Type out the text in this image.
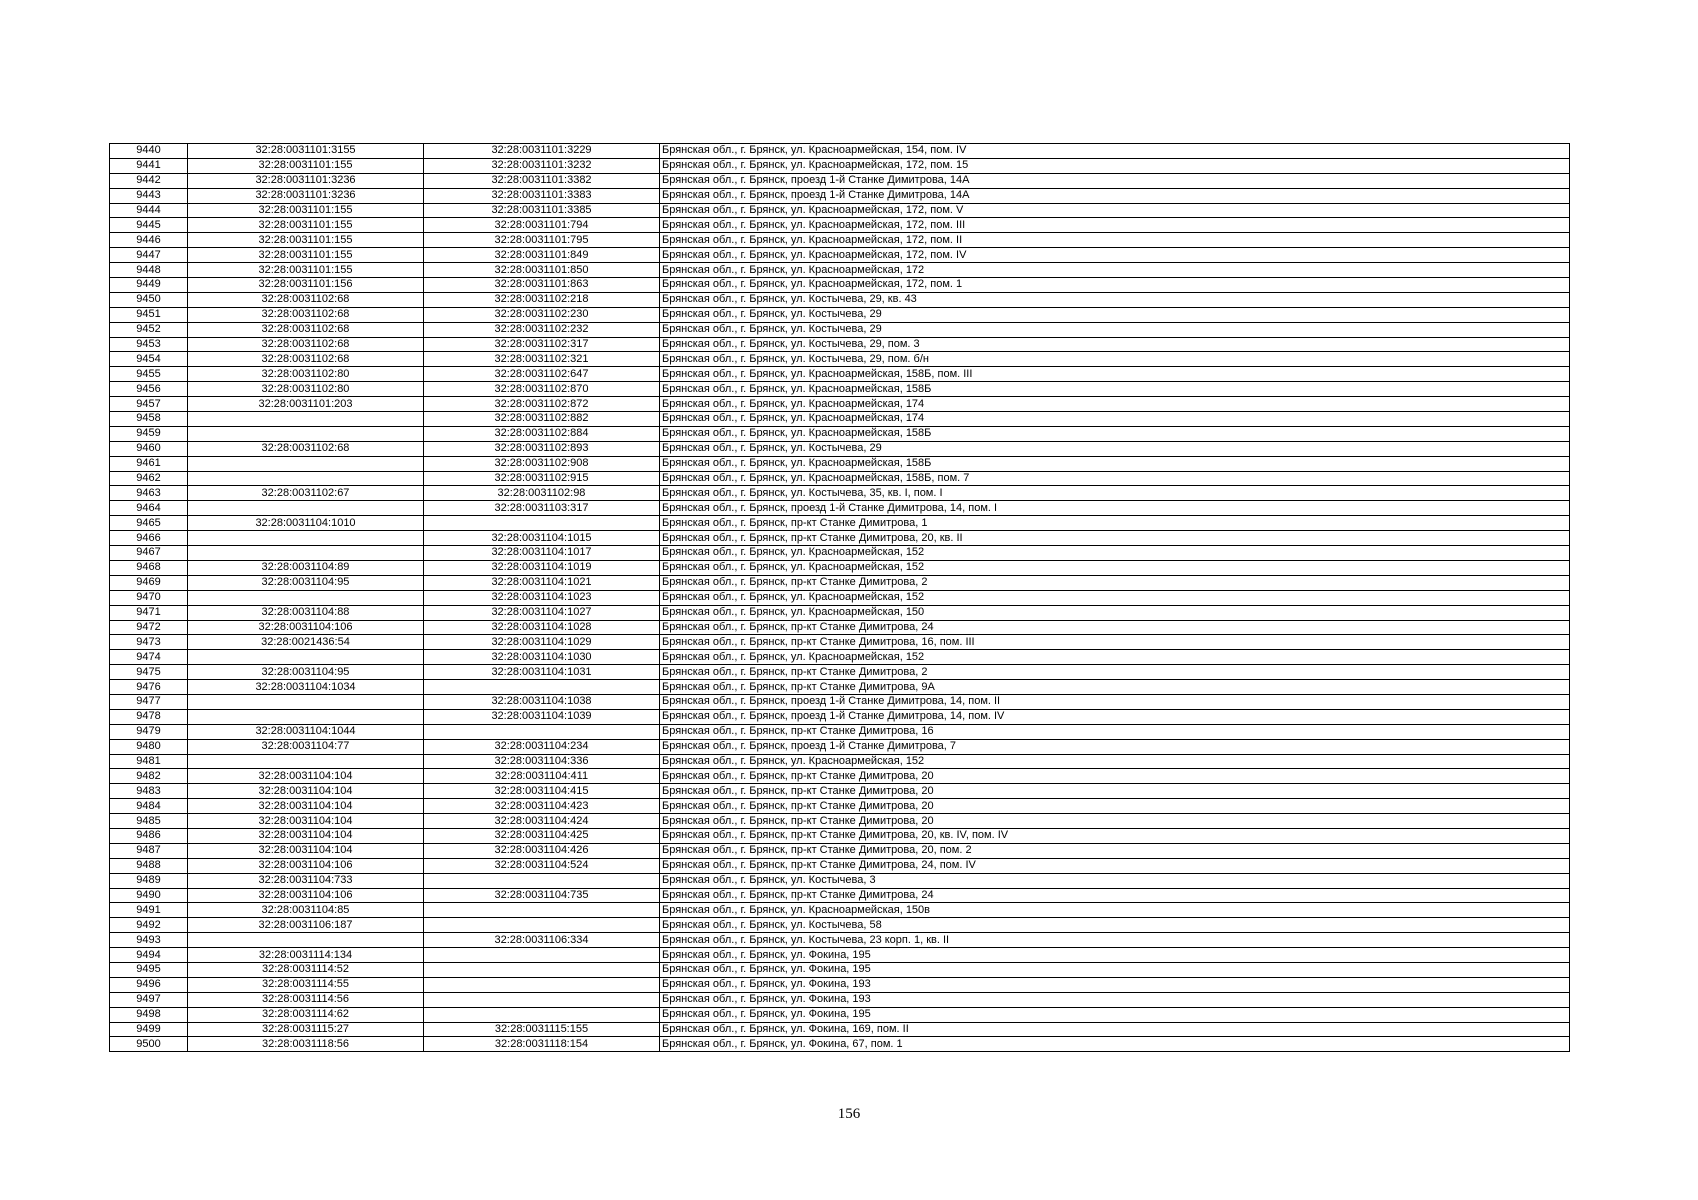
9440	32:28:0031101:3155	32:28:0031101:3229	Брянская обл., г. Брянск, ул. Красноармейская, 154, пом. IV
9441	32:28:0031101:155	32:28:0031101:3232	Брянская обл., г. Брянск, ул. Красноармейская, 172, пом. 15
9442	32:28:0031101:3236	32:28:0031101:3382	Брянская обл., г. Брянск, проезд 1-й Станке Димитрова, 14А
9443	32:28:0031101:3236	32:28:0031101:3383	Брянская обл., г. Брянск, проезд 1-й Станке Димитрова, 14А
9444	32:28:0031101:155	32:28:0031101:3385	Брянская обл., г. Брянск, ул. Красноармейская, 172, пом. V
9445	32:28:0031101:155	32:28:0031101:794	Брянская обл., г. Брянск, ул. Красноармейская, 172, пом. III
9446	32:28:0031101:155	32:28:0031101:795	Брянская обл., г. Брянск, ул. Красноармейская, 172, пом. II
9447	32:28:0031101:155	32:28:0031101:849	Брянская обл., г. Брянск, ул. Красноармейская, 172, пом. IV
9448	32:28:0031101:155	32:28:0031101:850	Брянская обл., г. Брянск, ул. Красноармейская, 172
9449	32:28:0031101:156	32:28:0031101:863	Брянская обл., г. Брянск, ул. Красноармейская, 172, пом. 1
9450	32:28:0031102:68	32:28:0031102:218	Брянская обл., г. Брянск, ул. Костычева, 29, кв. 43
9451	32:28:0031102:68	32:28:0031102:230	Брянская обл., г. Брянск, ул. Костычева, 29
9452	32:28:0031102:68	32:28:0031102:232	Брянская обл., г. Брянск, ул. Костычева, 29
9453	32:28:0031102:68	32:28:0031102:317	Брянская обл., г. Брянск, ул. Костычева, 29, пом. 3
9454	32:28:0031102:68	32:28:0031102:321	Брянская обл., г. Брянск, ул. Костычева, 29, пом. б/н
9455	32:28:0031102:80	32:28:0031102:647	Брянская обл., г. Брянск, ул. Красноармейская, 158Б, пом. III
9456	32:28:0031102:80	32:28:0031102:870	Брянская обл., г. Брянск, ул. Красноармейская, 158Б
9457	32:28:0031101:203	32:28:0031102:872	Брянская обл., г. Брянск, ул. Красноармейская, 174
9458		32:28:0031102:882	Брянская обл., г. Брянск, ул. Красноармейская, 174
9459		32:28:0031102:884	Брянская обл., г. Брянск, ул. Красноармейская, 158Б
9460	32:28:0031102:68	32:28:0031102:893	Брянская обл., г. Брянск, ул. Костычева, 29
9461		32:28:0031102:908	Брянская обл., г. Брянск, ул. Красноармейская, 158Б
9462		32:28:0031102:915	Брянская обл., г. Брянск, ул. Красноармейская, 158Б, пом. 7
9463	32:28:0031102:67	32:28:0031102:98	Брянская обл., г. Брянск, ул. Костычева, 35, кв. I, пом. I
9464		32:28:0031103:317	Брянская обл., г. Брянск, проезд 1-й Станке Димитрова, 14, пом. I
9465	32:28:0031104:1010		Брянская обл., г. Брянск, пр-кт Станке Димитрова, 1
9466		32:28:0031104:1015	Брянская обл., г. Брянск, пр-кт Станке Димитрова, 20, кв. II
9467		32:28:0031104:1017	Брянская обл., г. Брянск, ул. Красноармейская, 152
9468	32:28:0031104:89	32:28:0031104:1019	Брянская обл., г. Брянск, ул. Красноармейская, 152
9469	32:28:0031104:95	32:28:0031104:1021	Брянская обл., г. Брянск, пр-кт Станке Димитрова, 2
9470		32:28:0031104:1023	Брянская обл., г. Брянск, ул. Красноармейская, 152
9471	32:28:0031104:88	32:28:0031104:1027	Брянская обл., г. Брянск, ул. Красноармейская, 150
9472	32:28:0031104:106	32:28:0031104:1028	Брянская обл., г. Брянск, пр-кт Станке Димитрова, 24
9473	32:28:0021436:54	32:28:0031104:1029	Брянская обл., г. Брянск, пр-кт Станке Димитрова, 16, пом. III
9474		32:28:0031104:1030	Брянская обл., г. Брянск, ул. Красноармейская, 152
9475	32:28:0031104:95	32:28:0031104:1031	Брянская обл., г. Брянск, пр-кт Станке Димитрова, 2
9476	32:28:0031104:1034		Брянская обл., г. Брянск, пр-кт Станке Димитрова, 9А
9477		32:28:0031104:1038	Брянская обл., г. Брянск, проезд 1-й Станке Димитрова, 14, пом. II
9478		32:28:0031104:1039	Брянская обл., г. Брянск, проезд 1-й Станке Димитрова, 14, пом. IV
9479	32:28:0031104:1044		Брянская обл., г. Брянск, пр-кт Станке Димитрова, 16
9480	32:28:0031104:77	32:28:0031104:234	Брянская обл., г. Брянск, проезд 1-й Станке Димитрова, 7
9481		32:28:0031104:336	Брянская обл., г. Брянск, ул. Красноармейская, 152
9482	32:28:0031104:104	32:28:0031104:411	Брянская обл., г. Брянск, пр-кт Станке Димитрова, 20
9483	32:28:0031104:104	32:28:0031104:415	Брянская обл., г. Брянск, пр-кт Станке Димитрова, 20
9484	32:28:0031104:104	32:28:0031104:423	Брянская обл., г. Брянск, пр-кт Станке Димитрова, 20
9485	32:28:0031104:104	32:28:0031104:424	Брянская обл., г. Брянск, пр-кт Станке Димитрова, 20
9486	32:28:0031104:104	32:28:0031104:425	Брянская обл., г. Брянск, пр-кт Станке Димитрова, 20, кв. IV, пом. IV
9487	32:28:0031104:104	32:28:0031104:426	Брянская обл., г. Брянск, пр-кт Станке Димитрова, 20, пом. 2
9488	32:28:0031104:106	32:28:0031104:524	Брянская обл., г. Брянск, пр-кт Станке Димитрова, 24, пом. IV
9489	32:28:0031104:733		Брянская обл., г. Брянск, ул. Костычева, 3
9490	32:28:0031104:106	32:28:0031104:735	Брянская обл., г. Брянск, пр-кт Станке Димитрова, 24
9491	32:28:0031104:85		Брянская обл., г. Брянск, ул. Красноармейская, 150в
9492	32:28:0031106:187		Брянская обл., г. Брянск, ул. Костычева, 58
9493		32:28:0031106:334	Брянская обл., г. Брянск, ул. Костычева, 23 корп. 1, кв. II
9494	32:28:0031114:134		Брянская обл., г. Брянск, ул. Фокина, 195
9495	32:28:0031114:52		Брянская обл., г. Брянск, ул. Фокина, 195
9496	32:28:0031114:55		Брянская обл., г. Брянск, ул. Фокина, 193
9497	32:28:0031114:56		Брянская обл., г. Брянск, ул. Фокина, 193
9498	32:28:0031114:62		Брянская обл., г. Брянск, ул. Фокина, 195
9499	32:28:0031115:27	32:28:0031115:155	Брянская обл., г. Брянск, ул. Фокина, 169, пом. II
9500	32:28:0031118:56	32:28:0031118:154	Брянская обл., г. Брянск, ул. Фокина, 67, пом. 1
156
